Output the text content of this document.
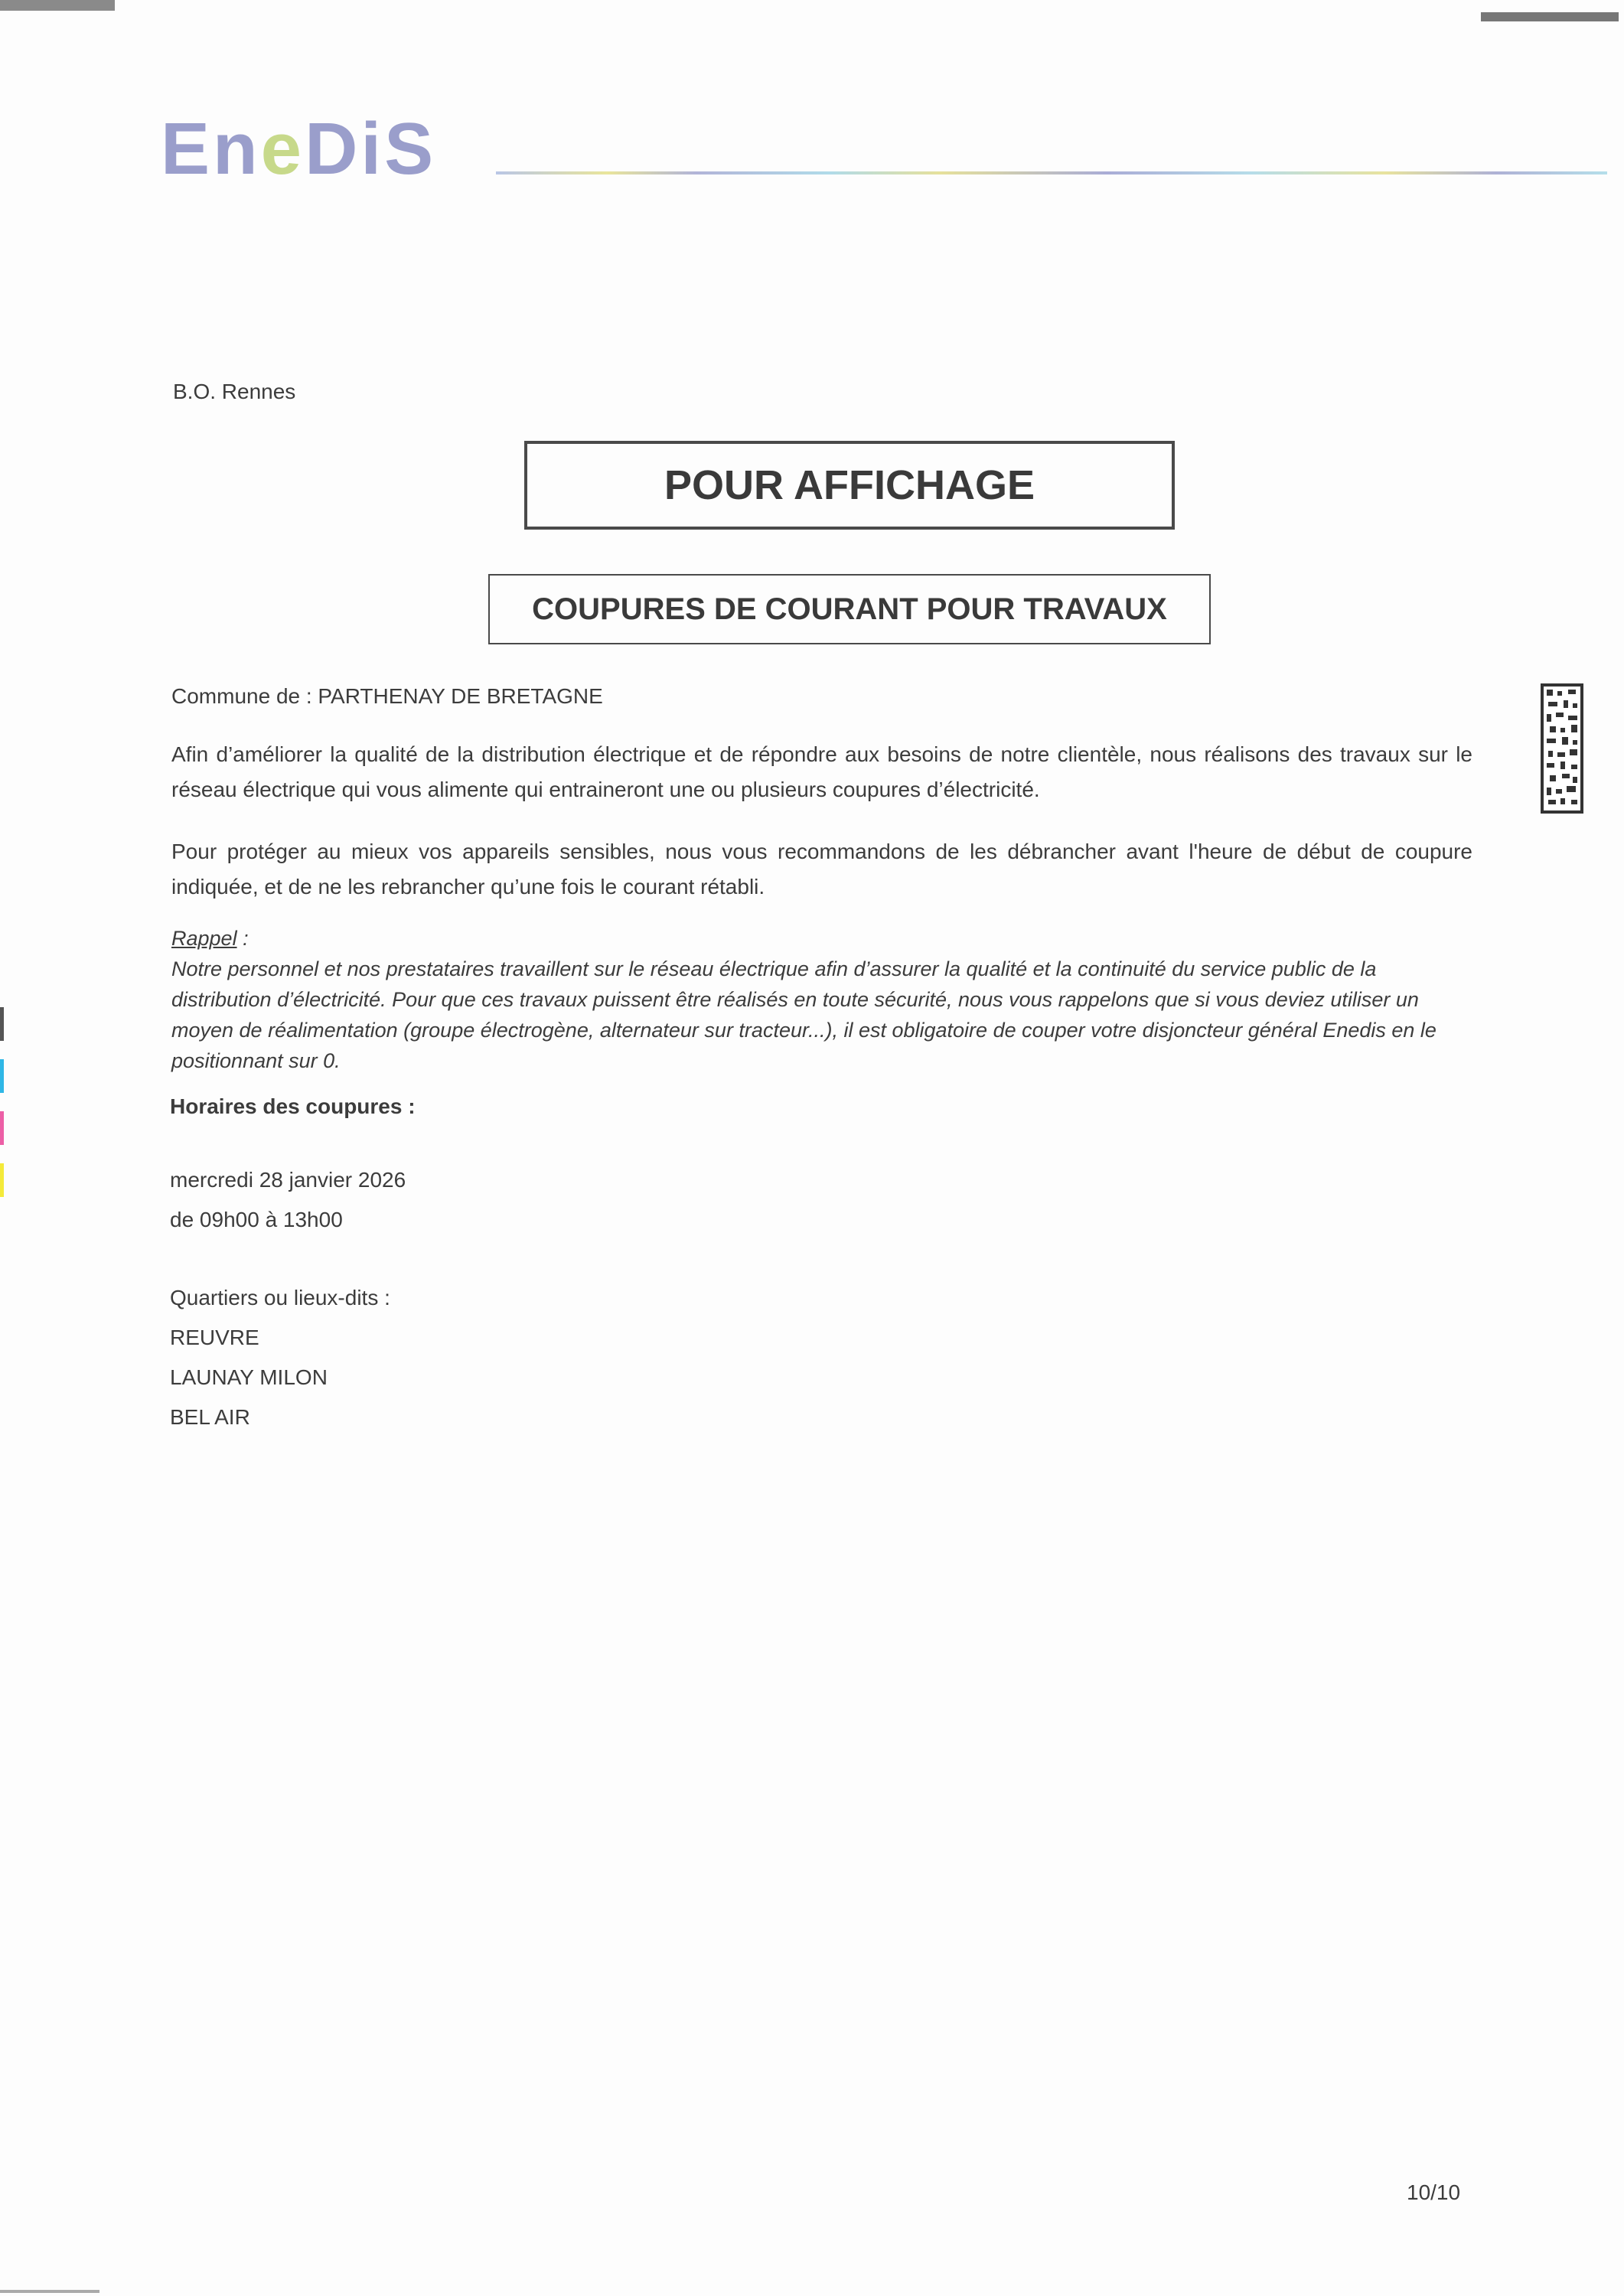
EneDiS
B.O. Rennes
POUR AFFICHAGE
COUPURES DE COURANT POUR TRAVAUX
Commune de : PARTHENAY DE BRETAGNE
Afin d’améliorer la qualité de la distribution électrique et de répondre aux besoins de notre clientèle, nous réalisons des travaux sur le réseau électrique qui vous alimente qui entraineront une ou plusieurs coupures d’électricité.
Pour protéger au mieux vos appareils sensibles, nous vous recommandons de les débrancher avant l'heure de début de coupure indiquée, et de ne les rebrancher qu’une fois le courant rétabli.
Rappel :
Notre personnel et nos prestataires travaillent sur le réseau électrique afin d’assurer la qualité et la continuité du service public de la distribution d’électricité. Pour que ces travaux puissent être réalisés en toute sécurité, nous vous rappelons que si vous deviez utiliser un moyen de réalimentation (groupe électrogène, alternateur sur tracteur...), il est obligatoire de couper votre disjoncteur général Enedis en le positionnant sur 0.
Horaires des coupures :
mercredi 28 janvier 2026
de 09h00 à 13h00
Quartiers ou lieux-dits :
REUVRE
LAUNAY MILON
BEL AIR
10/10
